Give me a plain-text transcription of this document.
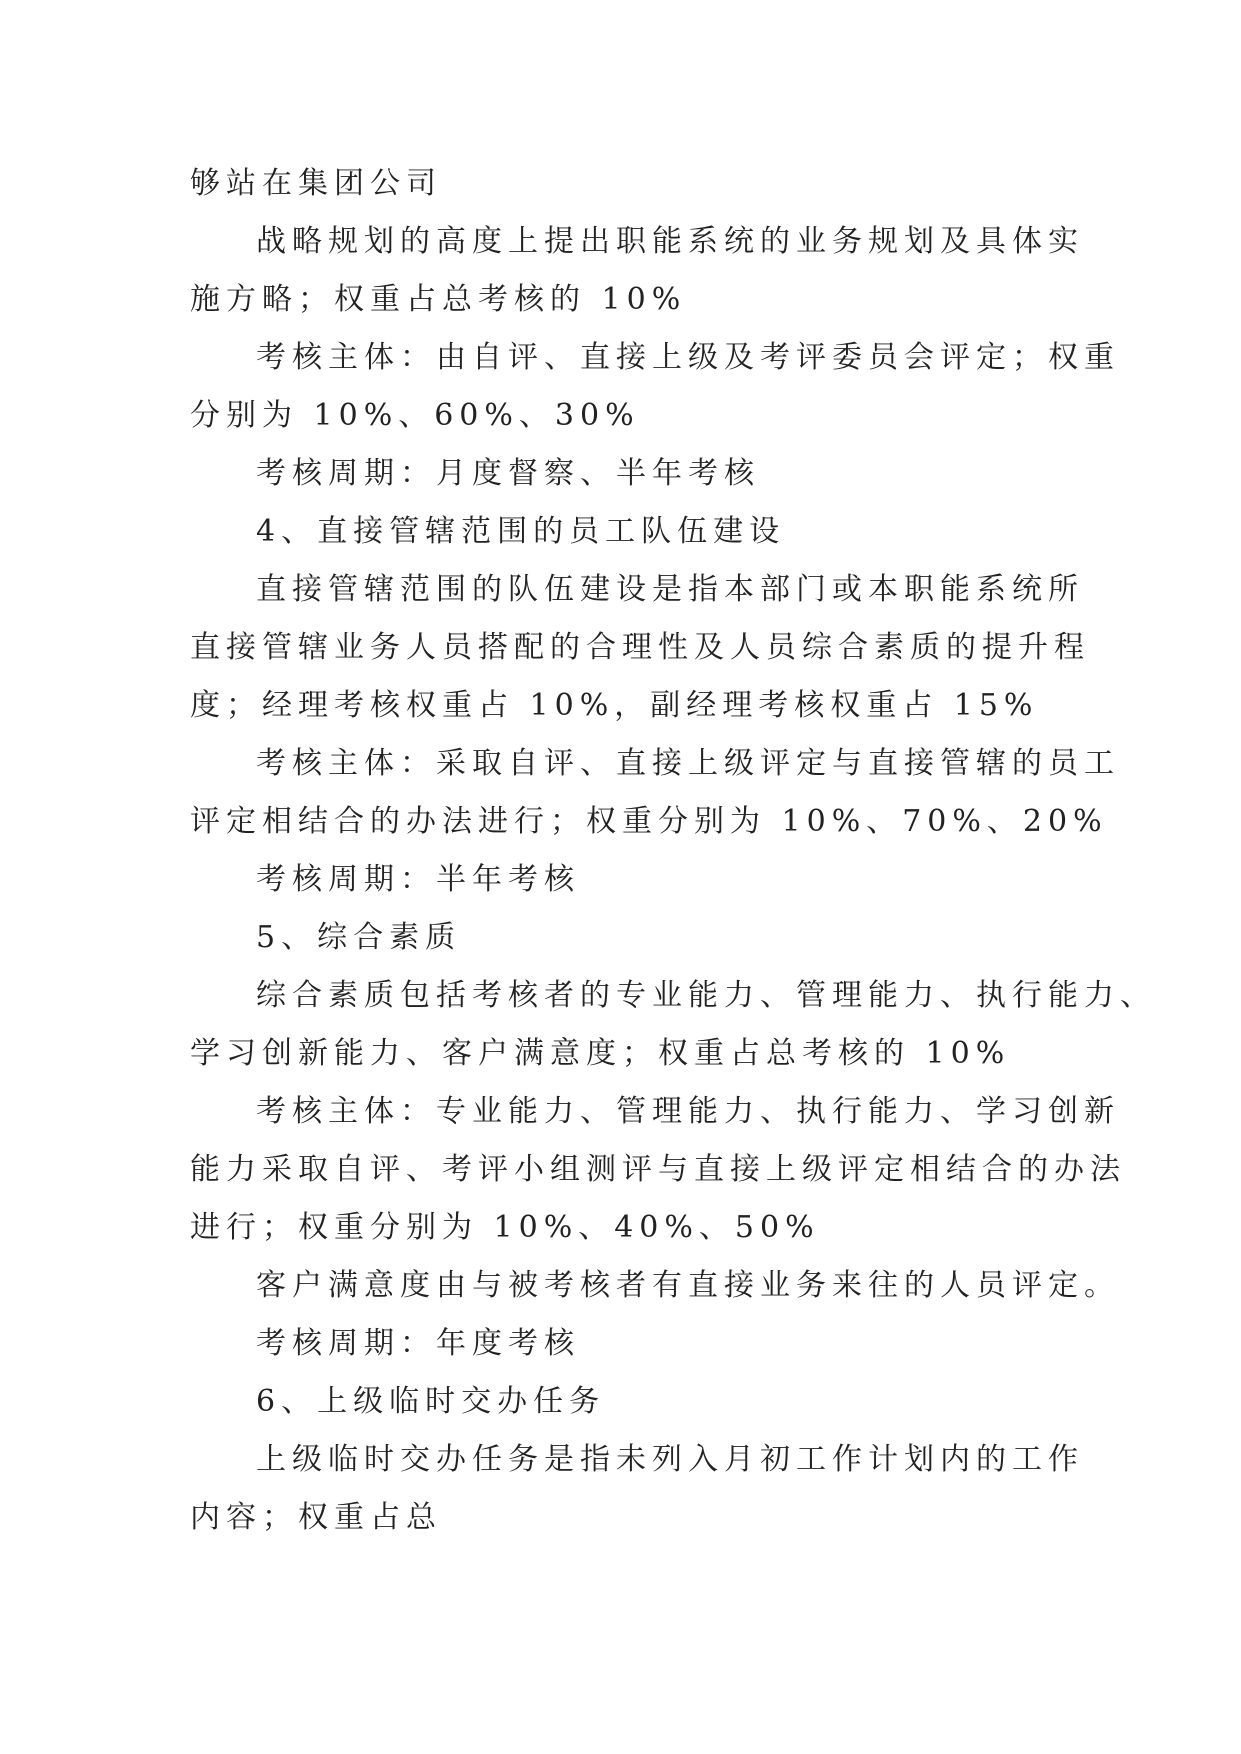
够站在集团公司
战略规划的高度上提出职能系统的业务规划及具体实
施方略；权重占总考核的 10%
考核主体：由自评、直接上级及考评委员会评定；权重
分别为 10%、60%、30%
考核周期：月度督察、半年考核
4、直接管辖范围的员工队伍建设
直接管辖范围的队伍建设是指本部门或本职能系统所
直接管辖业务人员搭配的合理性及人员综合素质的提升程
度；经理考核权重占 10%，副经理考核权重占 15%
考核主体：采取自评、直接上级评定与直接管辖的员工
评定相结合的办法进行；权重分别为 10%、70%、20%
考核周期：半年考核
5、综合素质
综合素质包括考核者的专业能力、管理能力、执行能力、
学习创新能力、客户满意度；权重占总考核的 10%
考核主体：专业能力、管理能力、执行能力、学习创新
能力采取自评、考评小组测评与直接上级评定相结合的办法
进行；权重分别为 10%、40%、50%
客户满意度由与被考核者有直接业务来往的人员评定。
考核周期：年度考核
6、上级临时交办任务
上级临时交办任务是指未列入月初工作计划内的工作
内容；权重占总
